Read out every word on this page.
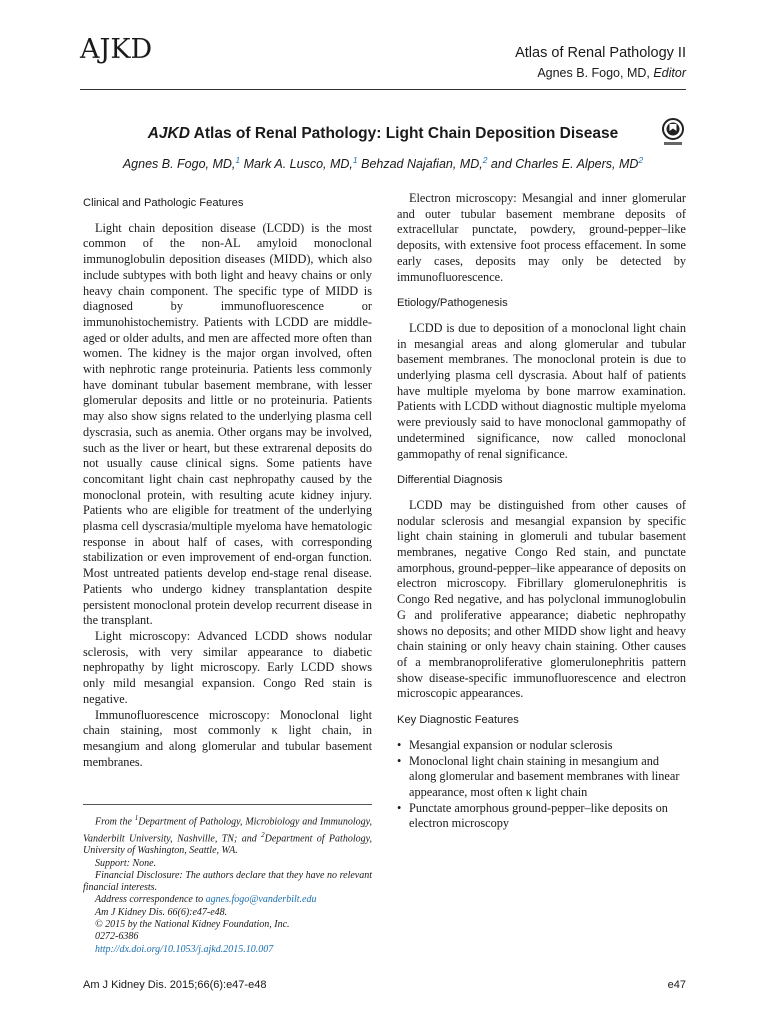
AJKD	Atlas of Renal Pathology II
Agnes B. Fogo, MD, Editor
AJKD Atlas of Renal Pathology: Light Chain Deposition Disease
Agnes B. Fogo, MD,$^1$ Mark A. Lusco, MD,$^1$ Behzad Najafian, MD,$^2$ and Charles E. Alpers, $MD^2$
Clinical and Pathologic Features

Light chain deposition disease (LCDD) is the most common of the non-AL amyloid monoclonal immunoglobulin deposition diseases (MIDD), which also include subtypes with both light and heavy chains or only heavy chain component. The specific type of MIDD is diagnosed by immunofluorescence or immunohistochemistry. Patients with LCDD are middle-aged or older adults, and men are affected more often than women. The kidney is the major organ involved, often with nephrotic range proteinuria. Patients less commonly have dominant tubular basement membrane, with lesser glomerular deposits and little or no proteinuria. Patients may also show signs related to the underlying plasma cell dyscrasia, such as anemia. Other organs may be involved, such as the liver or heart, but these extrarenal deposits do not usually cause clinical signs. Some patients have concomitant light chain cast nephropathy caused by the monoclonal protein, with resulting acute kidney injury. Patients who are eligible for treatment of the underlying plasma cell dyscrasia/multiple myeloma have hematologic response in about half of cases, with corresponding stabilization or even improvement of end-organ function. Most untreated patients develop end-stage renal disease. Patients who undergo kidney transplantation despite persistent monoclonal protein develop recurrent disease in the transplant.

Light microscopy: Advanced LCDD shows nodular sclerosis, with very similar appearance to diabetic nephropathy by light microscopy. Early LCDD shows only mild mesangial expansion. Congo Red stain is negative.

Immunofluorescence microscopy: Monoclonal light chain staining, most commonly κ light chain, in mesangium and along glomerular and tubular basement membranes.

Electron microscopy: Mesangial and inner glomerular and outer tubular basement membrane deposits of extracellular punctate, powdery, ground-pepper–like deposits, with extensive foot process effacement. In some early cases, deposits may only be detected by immunofluorescence.

Etiology/Pathogenesis

LCDD is due to deposition of a monoclonal light chain in mesangial areas and along glomerular and tubular basement membranes. The monoclonal protein is due to underlying plasma cell dyscrasia. About half of patients have multiple myeloma by bone marrow examination. Patients with LCDD without diagnostic multiple myeloma were previously said to have monoclonal gammopathy of undetermined significance, now called monoclonal gammopathy of renal significance.

Differential Diagnosis

LCDD may be distinguished from other causes of nodular sclerosis and mesangial expansion by specific light chain staining in glomeruli and tubular basement membranes, negative Congo Red stain, and punctate amorphous, ground-pepper–like appearance of deposits on electron microscopy. Fibrillary glomerulonephritis is Congo Red negative, and has polyclonal immunoglobulin G and proliferative appearance; diabetic nephropathy shows no deposits; and other MIDD show light and heavy chain staining or only heavy chain staining. Other causes of a membranoproliferative glomerulonephritis pattern show disease-specific immunofluorescence and electron microscopic appearances.

Key Diagnostic Features
• Mesangial expansion or nodular sclerosis
• Monoclonal light chain staining in mesangium and along glomerular and basement membranes with linear appearance, most often κ light chain
• Punctate amorphous ground-pepper–like deposits on electron microscopy

From the $^1$Department of Pathology, Microbiology and Immunology, Vanderbilt University, Nashville, TN; and $^2$Department of Pathology, University of Washington, Seattle, WA.

Support: None.

Financial Disclosure: The authors declare that they have no relevant financial interests.

Address correspondence to agnes.fogo@vanderbilt.edu

Am J Kidney Dis. 66(6):e47-e48.

© 2015 by the National Kidney Foundation, Inc.

0272-6386

http://dx.doi.org/10.1053/j.ajkd.2015.10.007

Am J Kidney Dis. 2015;66(6):e47-e48	e47
